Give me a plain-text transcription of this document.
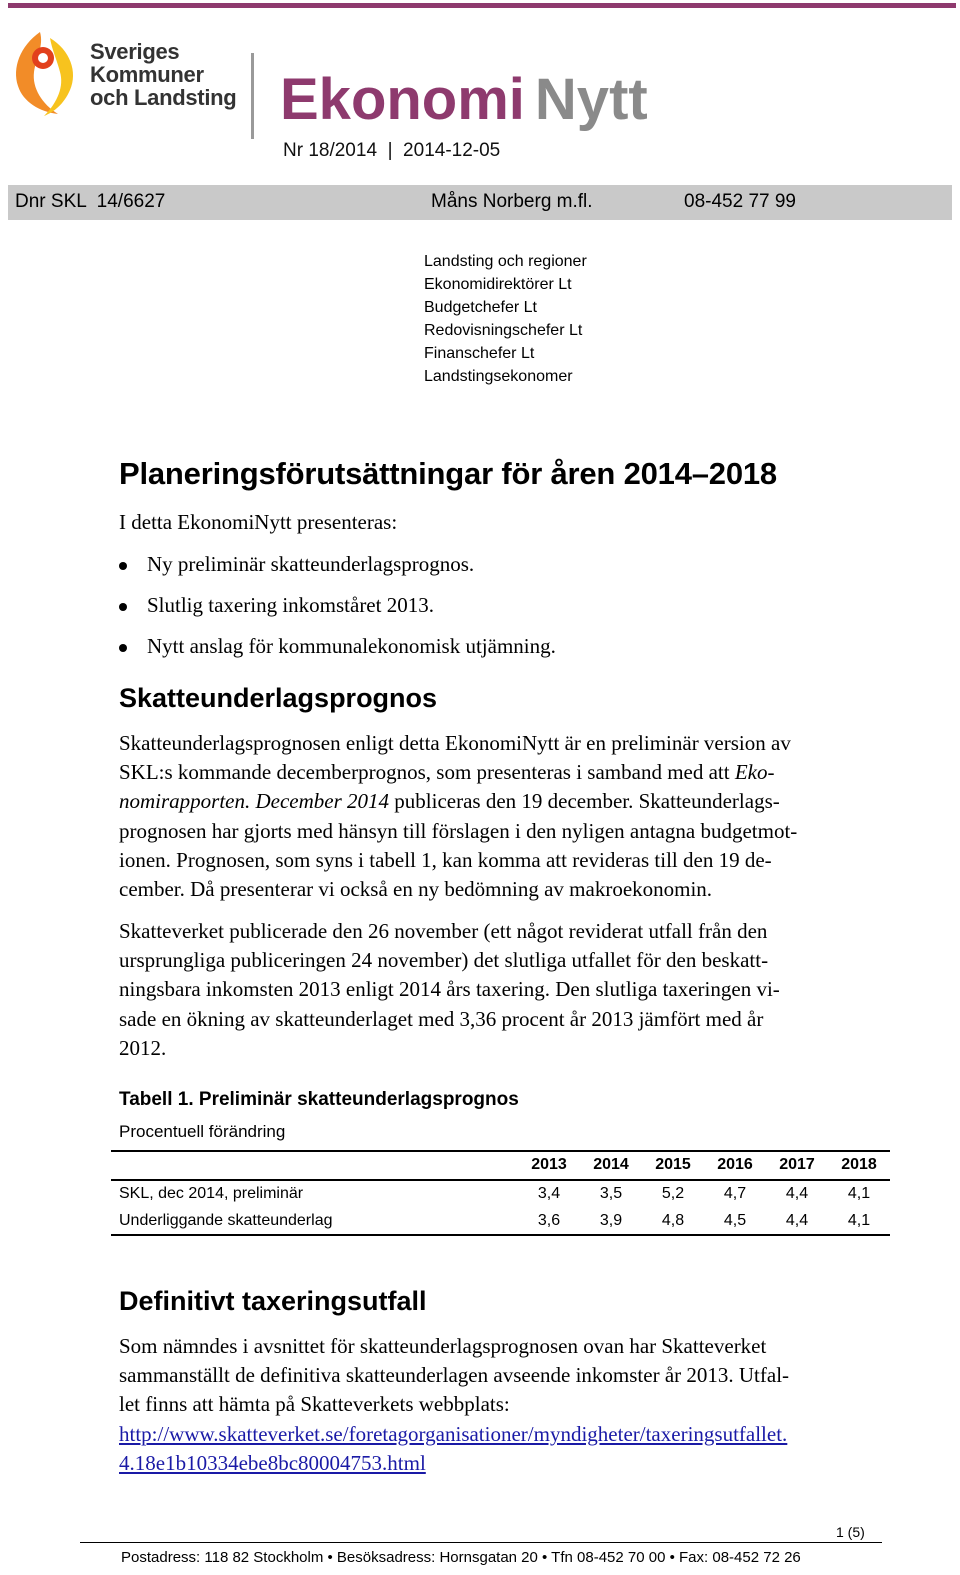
Sveriges
Kommuner
och Landsting Ekonomi Nytt
Nr 18/2014  |  2014-12-05
Dnr SKL  14/6627	Måns Norberg m.fl.	08-452 77 99
Landsting och regioner
Ekonomidirektörer Lt
Budgetchefer Lt
Redovisningschefer Lt
Finanschefer Lt
Landstingsekonomer
Planeringsförutsättningar för åren 2014–2018
I detta EkonomiNytt presenteras:
Ny preliminär skatteunderlagsprognos.
Slutlig taxering inkomståret 2013.
Nytt anslag för kommunalekonomisk utjämning.
Skatteunderlagsprognos
Skatteunderlagsprognosen enligt detta EkonomiNytt är en preliminär version av
SKL:s kommande decemberprognos, som presenteras i samband med att Eko-
nomirapporten. December 2014 publiceras den 19 december. Skatteunderlags-
prognosen har gjorts med hänsyn till förslagen i den nyligen antagna budgetmot-
ionen. Prognosen, som syns i tabell 1, kan komma att revideras till den 19 de-
cember. Då presenterar vi också en ny bedömning av makroekonomin.
Skatteverket publicerade den 26 november (ett något reviderat utfall från den
ursprungliga publiceringen 24 november) det slutliga utfallet för den beskatt-
ningsbara inkomsten 2013 enligt 2014 års taxering. Den slutliga taxeringen vi-
sade en ökning av skatteunderlaget med 3,36 procent år 2013 jämfört med år
2012.
Tabell 1. Preliminär skatteunderlagsprognos
Procentuell förändring
2013	2014	2015	2016	2017	2018
SKL, dec 2014, preliminär	3,4	3,5	5,2	4,7	4,4	4,1
Underliggande skatteunderlag	3,6	3,9	4,8	4,5	4,4	4,1
Definitivt taxeringsutfall
Som nämndes i avsnittet för skatteunderlagsprognosen ovan har Skatteverket
sammanställt de definitiva skatteunderlagen avseende inkomster år 2013. Utfal-
let finns att hämta på Skatteverkets webbplats:
http://www.skatteverket.se/foretagorganisationer/myndigheter/taxeringsutfallet.
4.18e1b10334ebe8bc80004753.html
1 (5)
Postadress: 118 82 Stockholm • Besöksadress: Hornsgatan 20 • Tfn 08-452 70 00 • Fax: 08-452 72 26
